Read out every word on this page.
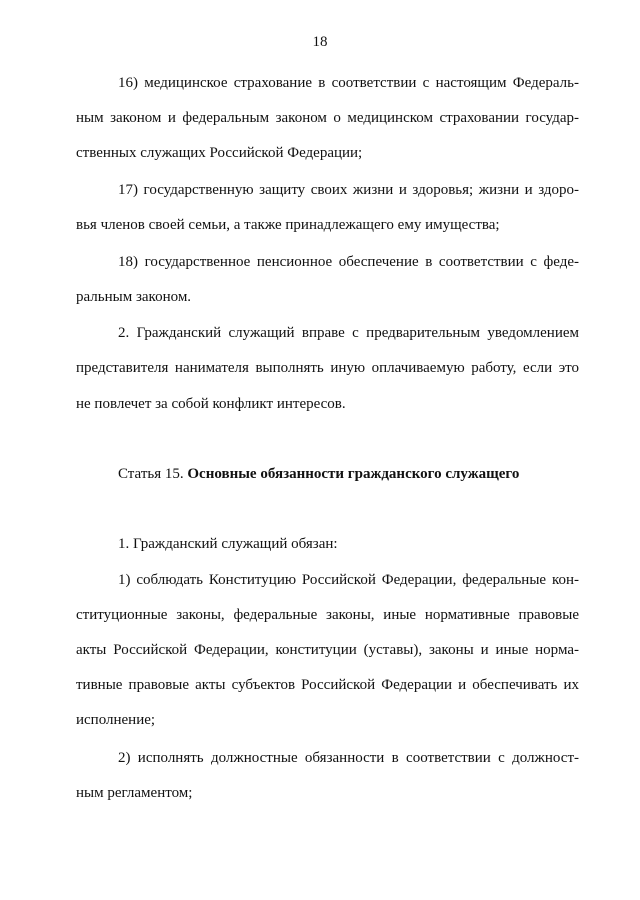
18
16) медицинское страхование в соответствии с настоящим Федераль-
ным законом и федеральным законом о медицинском страховании государ-
ственных служащих Российской Федерации;
17) государственную защиту своих жизни и здоровья; жизни и здоро-
вья членов своей семьи, а также принадлежащего ему имущества;
18) государственное пенсионное обеспечение в соответствии с феде-
ральным законом.
2. Гражданский служащий вправе с предварительным уведомлением
представителя нанимателя выполнять иную оплачиваемую работу, если это
не повлечет за собой конфликт интересов.
Статья 15. Основные обязанности гражданского служащего
1. Гражданский служащий обязан:
1) соблюдать Конституцию Российской Федерации, федеральные кон-
ституционные законы, федеральные законы, иные нормативные правовые
акты Российской Федерации, конституции (уставы), законы и иные норма-
тивные правовые акты субъектов Российской Федерации и обеспечивать их
исполнение;
2) исполнять должностные обязанности в соответствии с должност-
ным регламентом;
